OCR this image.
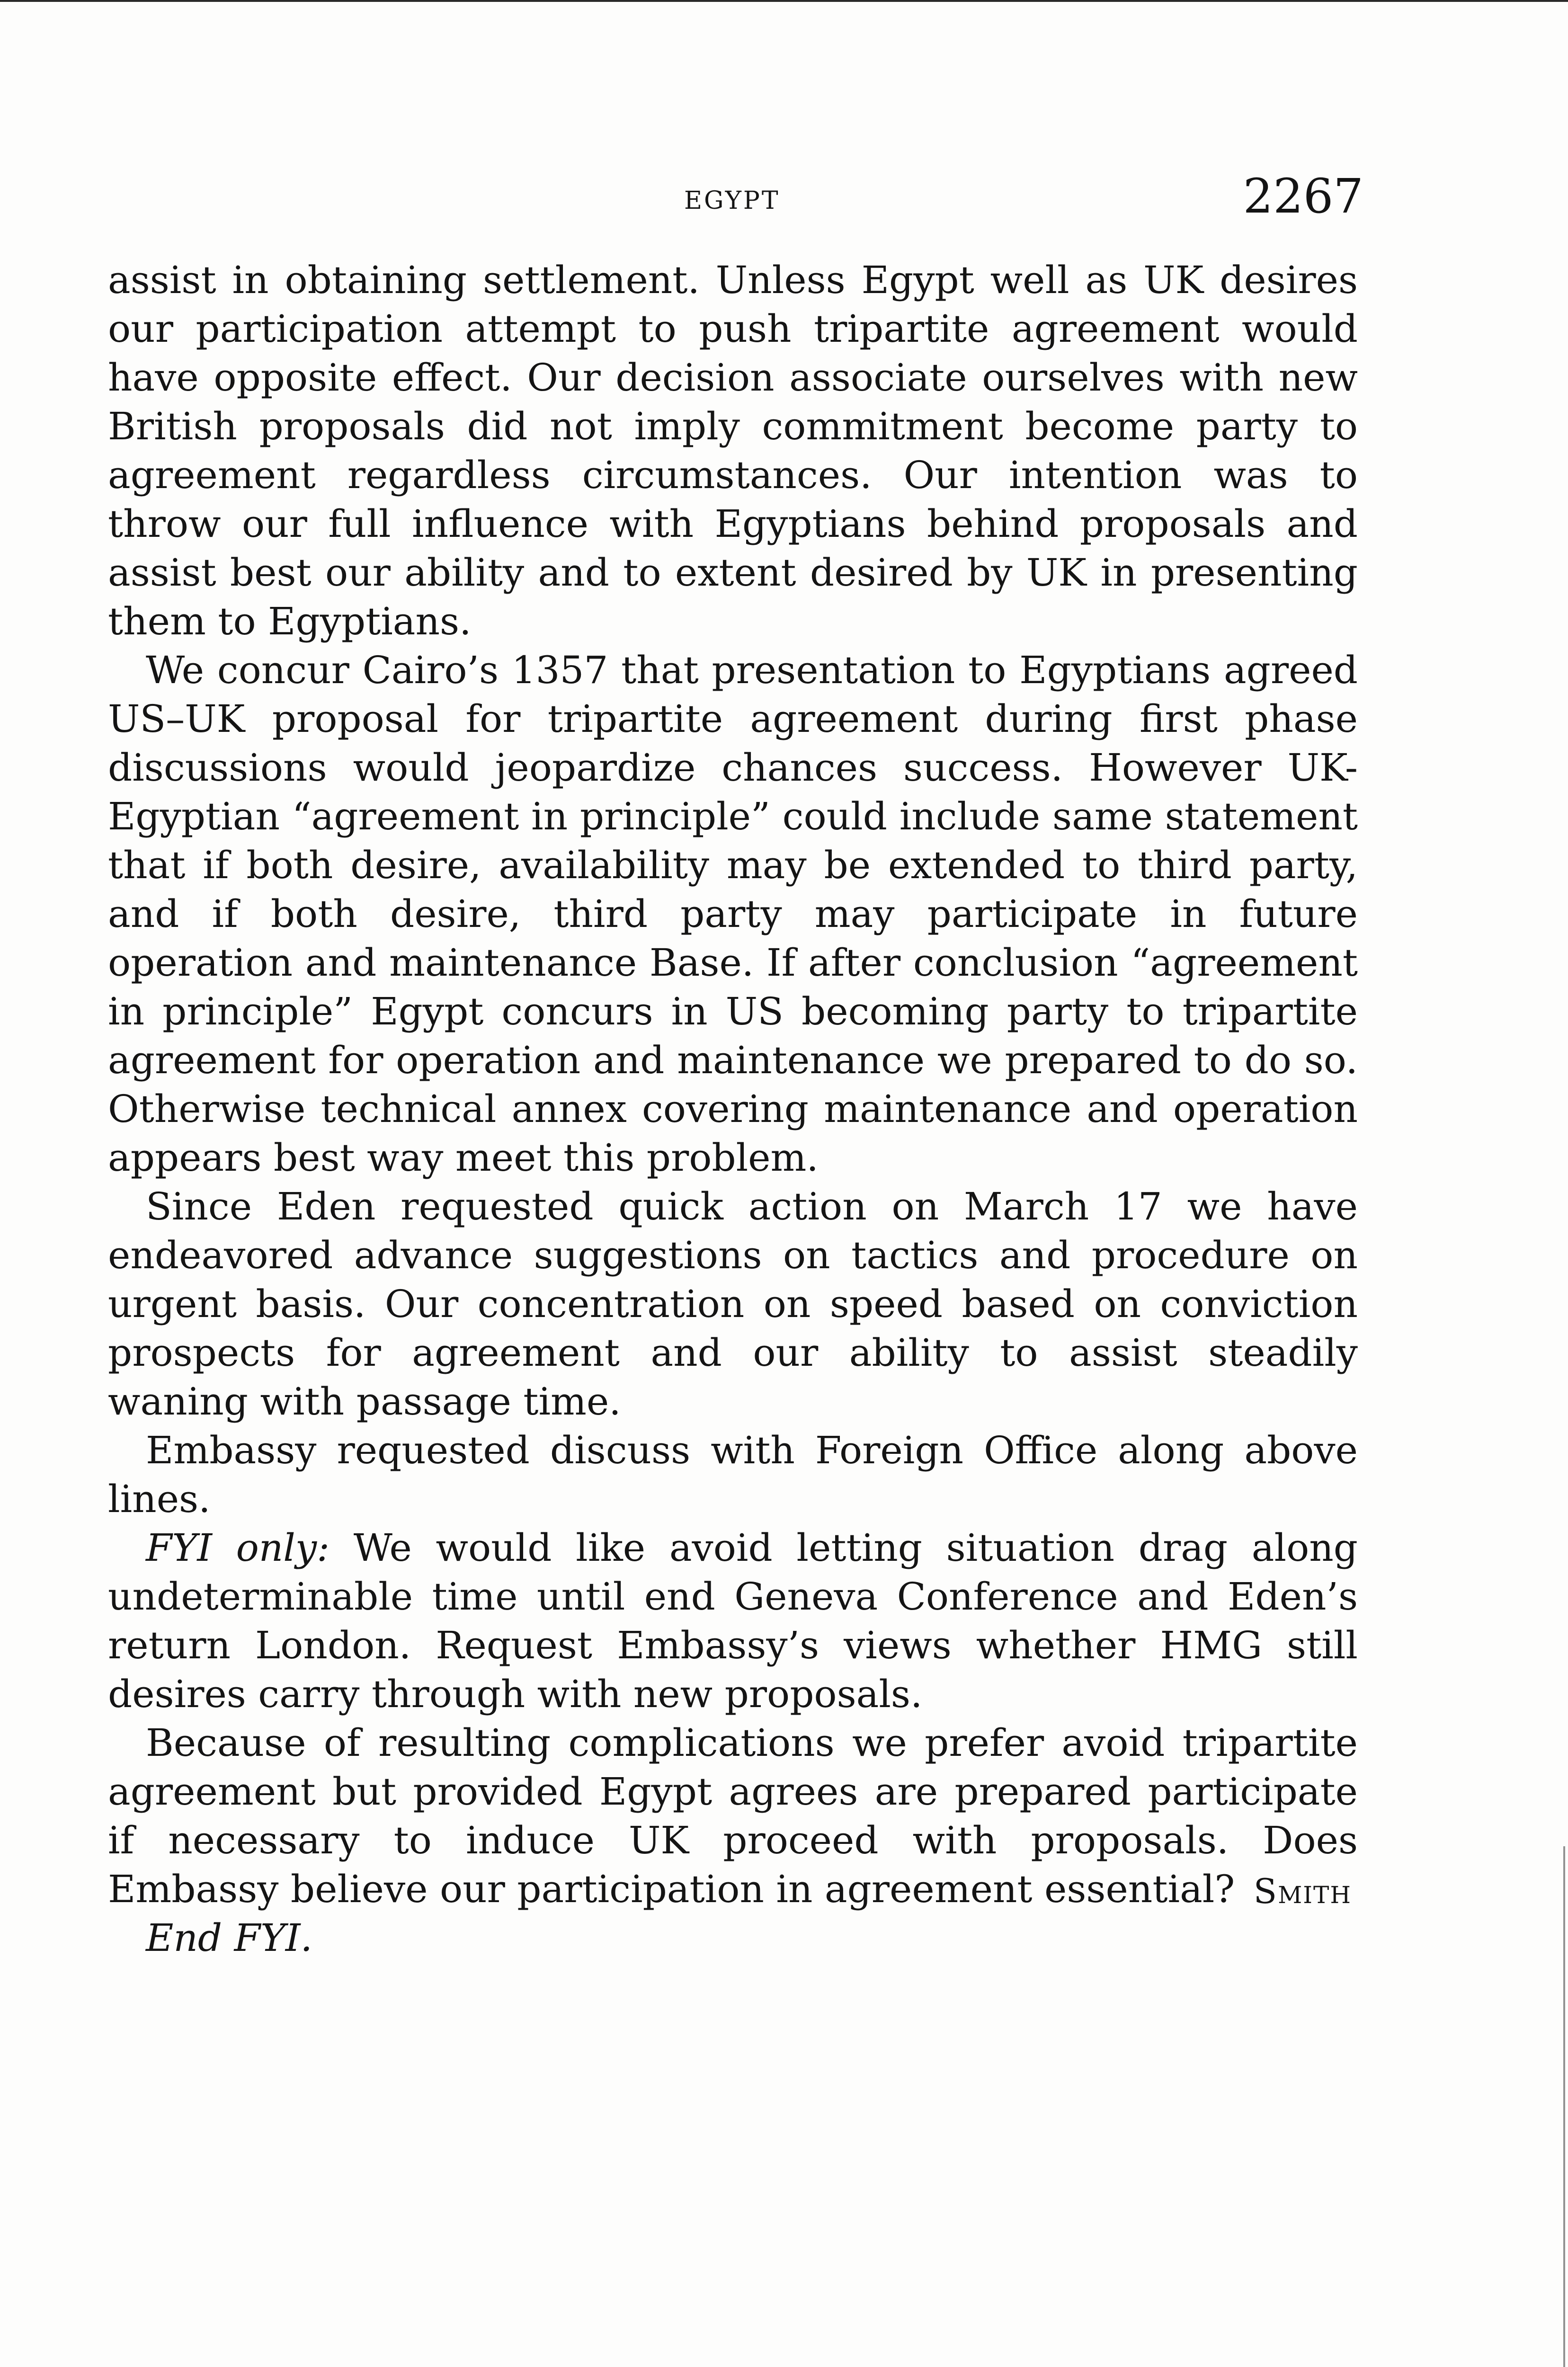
EGYPT	2267

assist in obtaining settlement. Unless Egypt well as UK desires our participation attempt to push tripartite agreement would have opposite effect. Our decision associate ourselves with new British proposals did not imply commitment become party to agreement regardless circumstances. Our intention was to throw our full influence with Egyptians behind proposals and assist best our ability and to extent desired by UK in presenting them to Egyptians.

We concur Cairo’s 1357 that presentation to Egyptians agreed US–UK proposal for tripartite agreement during first phase discussions would jeopardize chances success. However UK-Egyptian “agreement in principle” could include same statement that if both desire, availability may be extended to third party, and if both desire, third party may participate in future operation and maintenance Base. If after conclusion “agreement in principle” Egypt concurs in US becoming party to tripartite agreement for operation and maintenance we prepared to do so. Otherwise technical annex covering maintenance and operation appears best way meet this problem.

Since Eden requested quick action on March 17 we have endeavored advance suggestions on tactics and procedure on urgent basis. Our concentration on speed based on conviction prospects for agreement and our ability to assist steadily waning with passage time.

Embassy requested discuss with Foreign Office along above lines.

FYI only: We would like avoid letting situation drag along undeterminable time until end Geneva Conference and Eden’s return London. Request Embassy’s views whether HMG still desires carry through with new proposals.

Because of resulting complications we prefer avoid tripartite agreement but provided Egypt agrees are prepared participate if necessary to induce UK proceed with proposals. Does Embassy believe our participation in agreement essential?

End FYI.

Smith
